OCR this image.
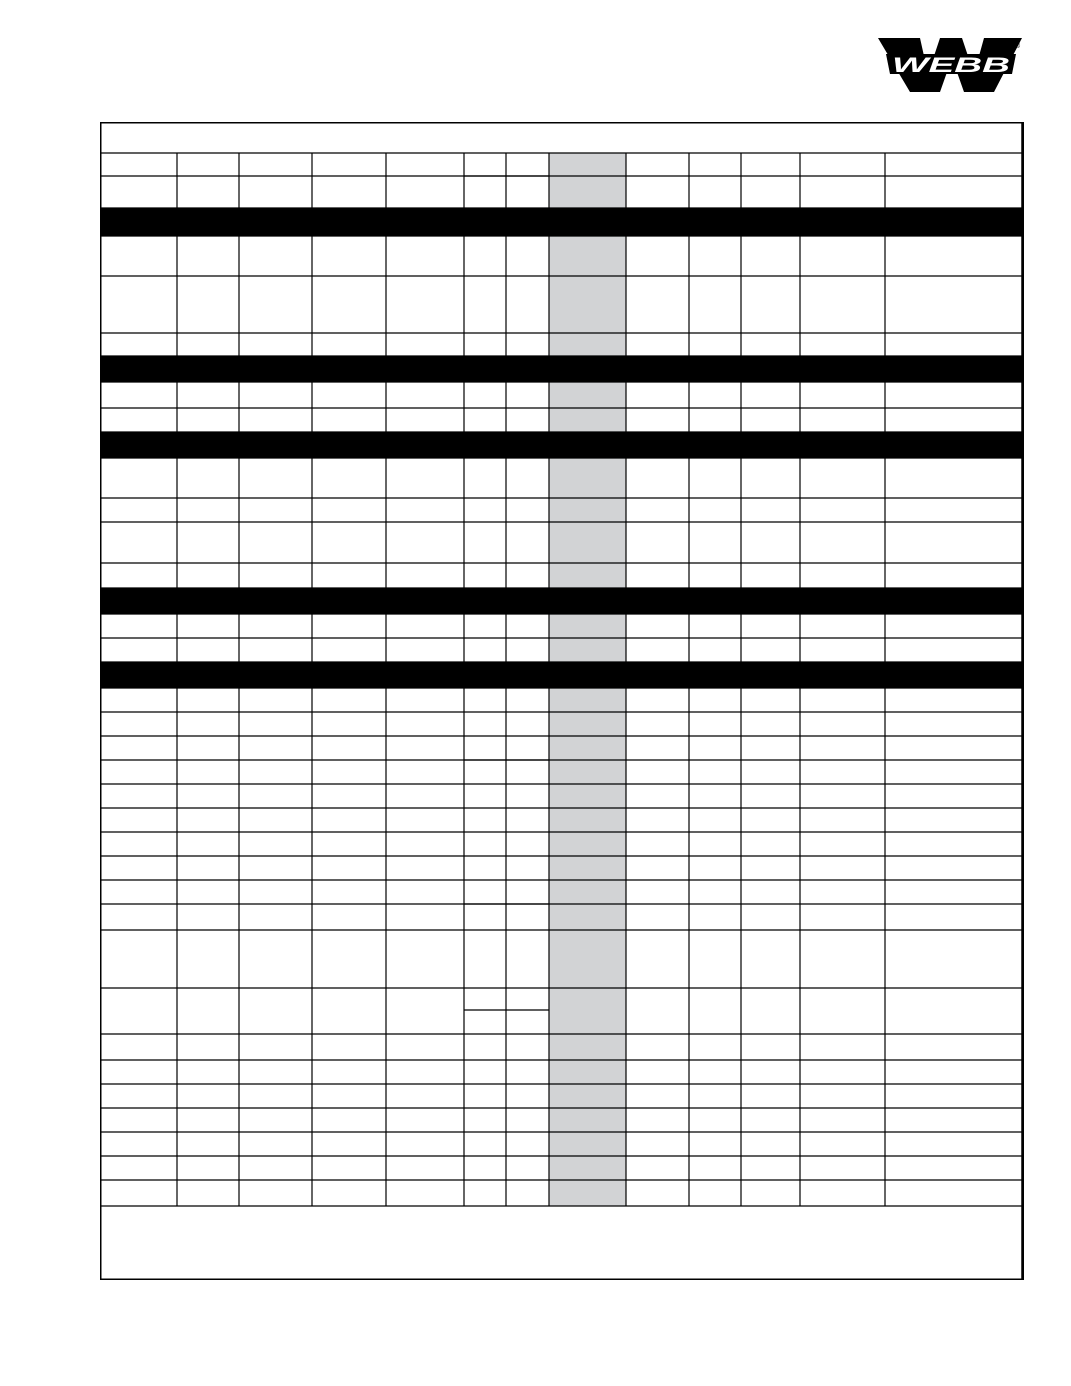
WEBB
®
